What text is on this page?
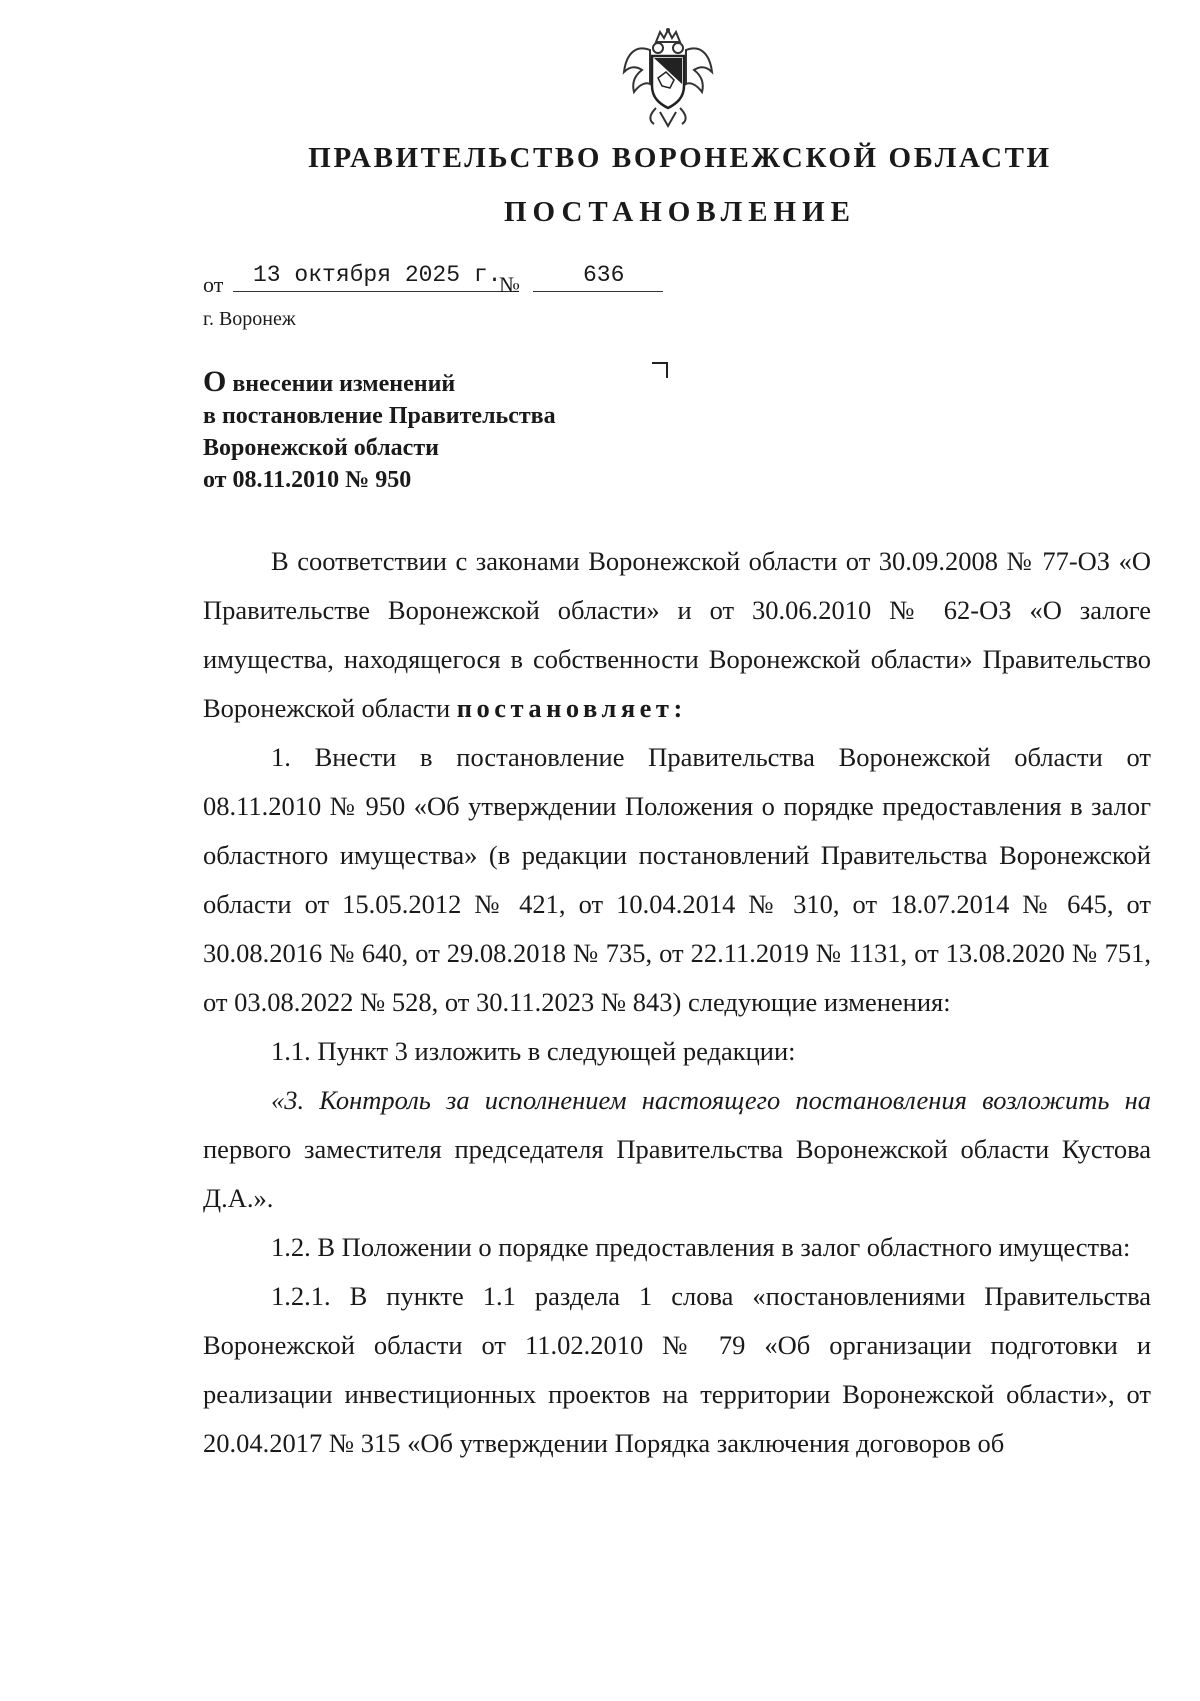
ПРАВИТЕЛЬСТВО ВОРОНЕЖСКОЙ ОБЛАСТИ
ПОСТАНОВЛЕНИЕ
от	13 октября 2025 г.
№	636
г. Воронеж
О внесении изменений
в постановление Правительства
Воронежской области
от 08.11.2010 № 950

В соответствии с законами Воронежской области от 30.09.2008 № 77-ОЗ «О Правительстве Воронежской области» и от 30.06.2010 № 62-ОЗ «О залоге имущества, находящегося в собственности Воронежской области» Правительство Воронежской области постановляет:

1. Внести в постановление Правительства Воронежской области от 08.11.2010 № 950 «Об утверждении Положения о порядке предоставления в залог областного имущества» (в редакции постановлений Правительства Воронежской области от 15.05.2012 № 421, от 10.04.2014 № 310, от 18.07.2014 № 645, от 30.08.2016 № 640, от 29.08.2018 № 735, от 22.11.2019 № 1131, от 13.08.2020 № 751, от 03.08.2022 № 528, от 30.11.2023 № 843) следующие изменения:

1.1. Пункт 3 изложить в следующей редакции:

«3. Контроль за исполнением настоящего постановления возложить на первого заместителя председателя Правительства Воронежской области Кустова Д.А.».

1.2. В Положении о порядке предоставления в залог областного имущества:

1.2.1. В пункте 1.1 раздела 1 слова «постановлениями Правительства Воронежской области от 11.02.2010 № 79 «Об организации подготовки и реализации инвестиционных проектов на территории Воронежской области», от 20.04.2017 № 315 «Об утверждении Порядка заключения договоров об
